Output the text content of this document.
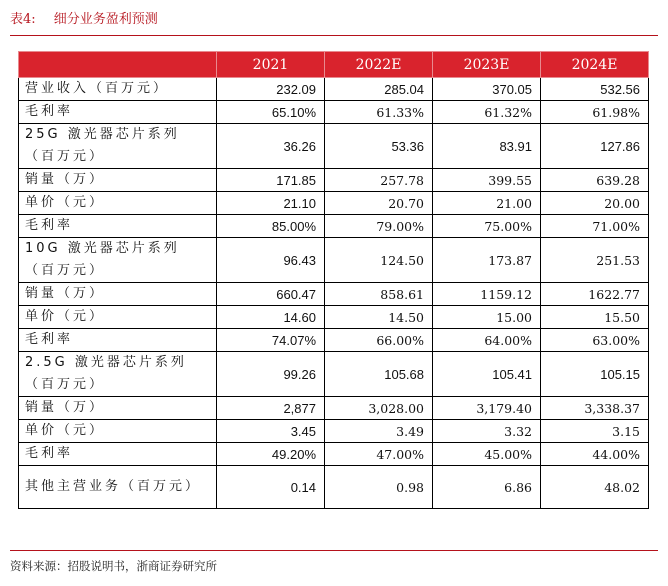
表4: 细分业务盈利预测
	2021	2022E	2023E	2024E
营业收入（百万元）	232.09	285.04	370.05	532.56
毛利率	65.10%	61.33%	61.32%	61.98%
25G 激光器芯片系列（百万元）	36.26	53.36	83.91	127.86
销量（万）	171.85	257.78	399.55	639.28
单价（元）	21.10	20.70	21.00	20.00
毛利率	85.00%	79.00%	75.00%	71.00%
10G 激光器芯片系列（百万元）	96.43	124.50	173.87	251.53
销量（万）	660.47	858.61	1159.12	1622.77
单价（元）	14.60	14.50	15.00	15.50
毛利率	74.07%	66.00%	64.00%	63.00%
2.5G 激光器芯片系列（百万元）	99.26	105.68	105.41	105.15
销量（万）	2,877	3,028.00	3,179.40	3,338.37
单价（元）	3.45	3.49	3.32	3.15
毛利率	49.20%	47.00%	45.00%	44.00%
其他主营业务（百万元）	0.14	0.98	6.86	48.02
资料来源：招股说明书，浙商证券研究所
